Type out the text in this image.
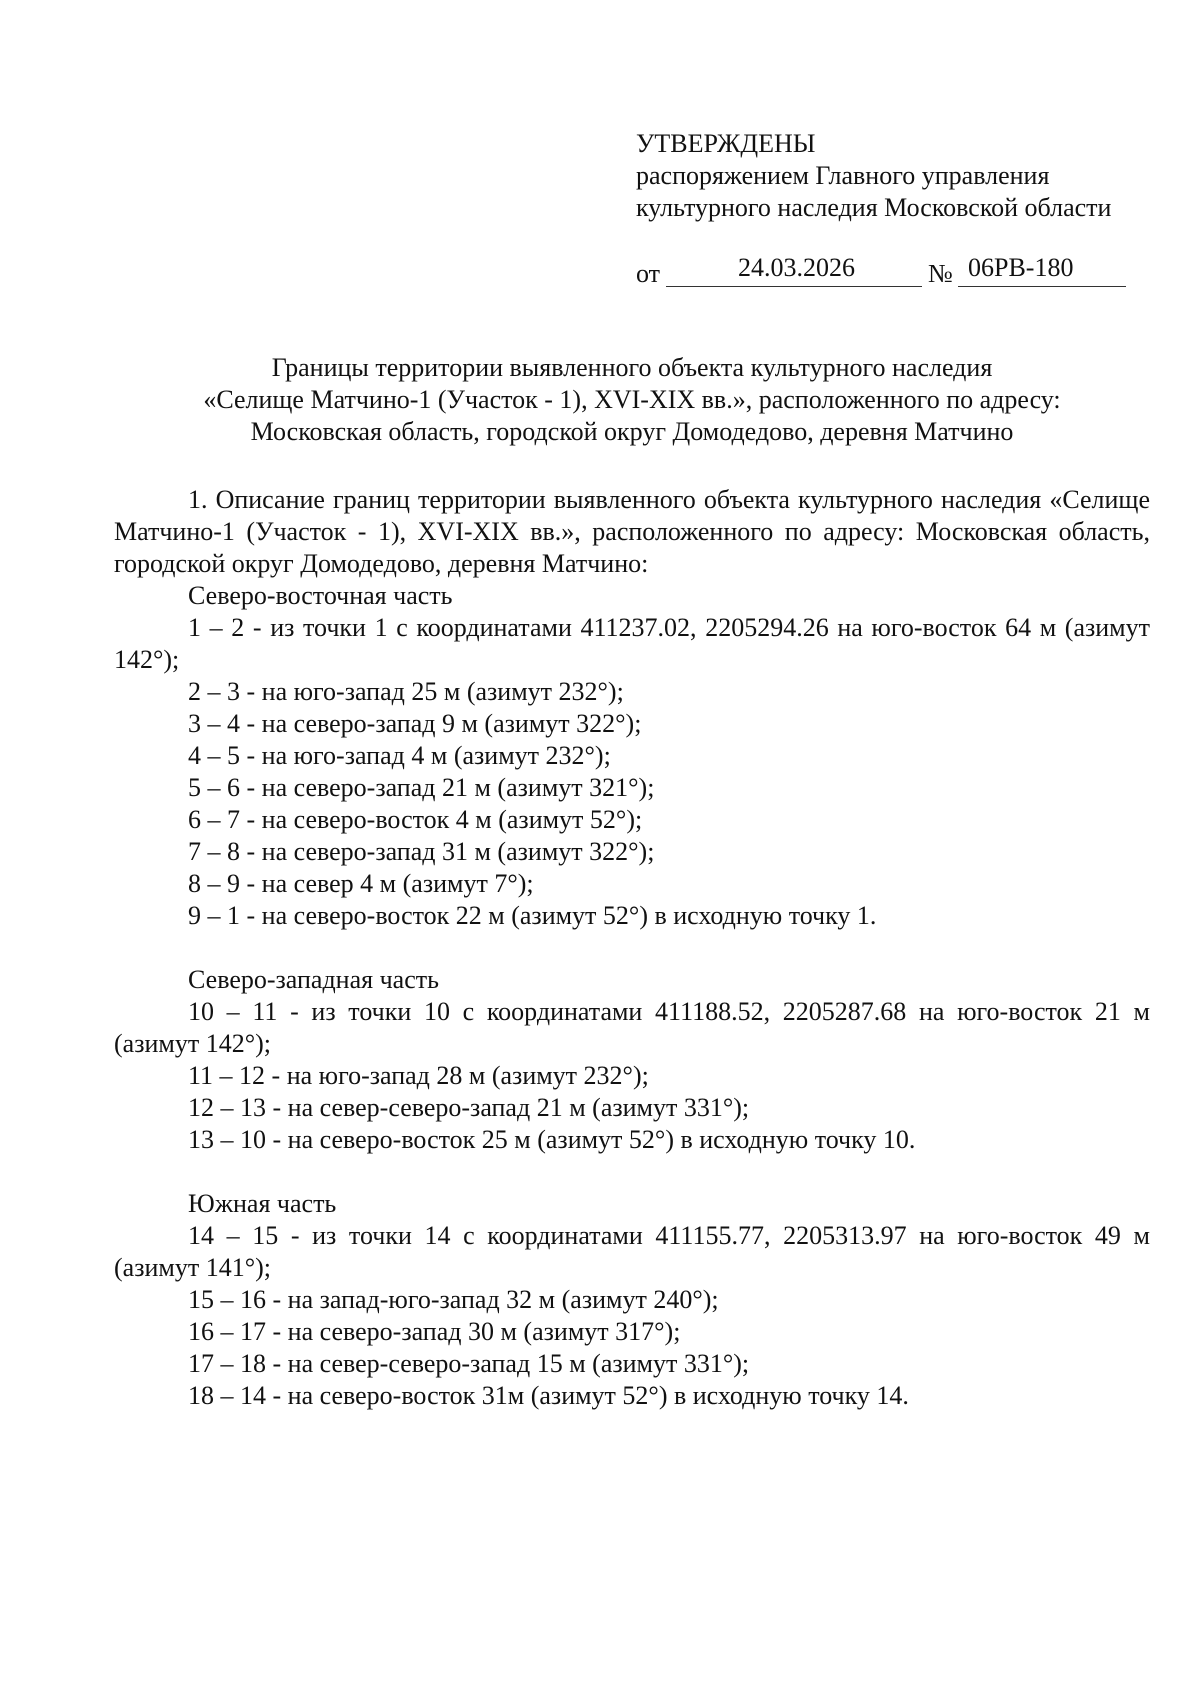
УТВЕРЖДЕНЫ
распоряжением Главного управления
культурного наследия Московской области
от	24.03.2026	№ 06РВ-180
Границы территории выявленного объекта культурного наследия
«Селище Матчино-1 (Участок - 1), XVI-XIX вв.», расположенного по адресу:
Московская область, городской округ Домодедово, деревня Матчино

1. Описание границ территории выявленного объекта культурного наследия «Селище Матчино-1 (Участок - 1), XVI-XIX вв.», расположенного по адресу: Московская область, городской округ Домодедово, деревня Матчино:

Северо-восточная часть

1 – 2 - из точки 1 с координатами 411237.02, 2205294.26 на юго-восток 64 м (азимут 142°);

2 – 3 - на юго-запад 25 м (азимут 232°);

3 – 4 - на северо-запад 9 м (азимут 322°);

4 – 5 - на юго-запад 4 м (азимут 232°);

5 – 6 - на северо-запад 21 м (азимут 321°);

6 – 7 - на северо-восток 4 м (азимут 52°);

7 – 8 - на северо-запад 31 м (азимут 322°);

8 – 9 - на север 4 м (азимут 7°);

9 – 1 - на северо-восток 22 м (азимут 52°) в исходную точку 1.

Северо-западная часть

10 – 11 - из точки 10 с координатами 411188.52, 2205287.68 на юго-восток 21 м (азимут 142°);

11 – 12 - на юго-запад 28 м (азимут 232°);

12 – 13 - на север-северо-запад 21 м (азимут 331°);

13 – 10 - на северо-восток 25 м (азимут 52°) в исходную точку 10.

Южная часть

14 – 15 - из точки 14 с координатами 411155.77, 2205313.97 на юго-восток 49 м (азимут 141°);

15 – 16 - на запад-юго-запад 32 м (азимут 240°);

16 – 17 - на северо-запад 30 м (азимут 317°);

17 – 18 - на север-северо-запад 15 м (азимут 331°);

18 – 14 - на северо-восток 31м (азимут 52°) в исходную точку 14.
